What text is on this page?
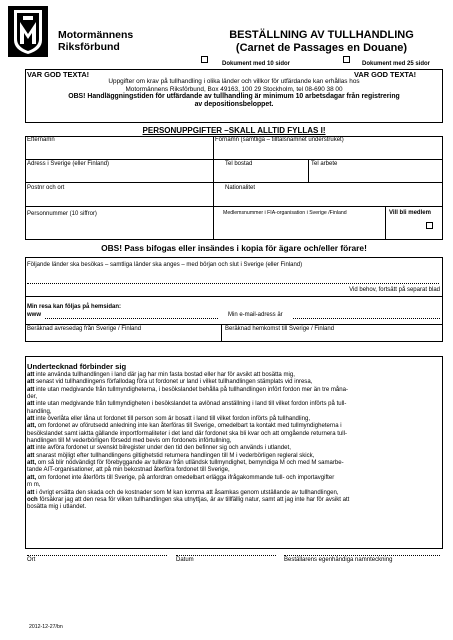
Motormännens
Riksförbund
BESTÄLLNING AV TULLHANDLING
(Carnet de Passages en Douane)
Dokument med 10 sidor	Dokument med 25 sidor
VAR GOD TEXTA!	VAR GOD TEXTA!
Uppgifter om krav på tullhandling i olika länder och villkor för utfärdande kan erhållas hos
Motormännens Riksförbund, Box 49163, 100 29 Stockholm, tel 08-690 38 00
OBS! Handläggningstiden för utfärdande av tullhandling är minimum 10 arbetsdagar från registrering
av depositionsbeloppet.
PERSONUPPGIFTER –SKALL ALLTID FYLLAS I!
Efternamn	Förnamn (samtliga – tilltalsnamnet understruket)
Adress i Sverige (eller Finland)	Tel bostad	Tel arbete
Postnr och ort	Nationalitet
Personnummer (10 siffror)	Medlemsnummer i FIA-organisation i Sverige /Finland	Vill bli medlem
OBS! Pass bifogas eller insändes i kopia för ägare och/eller förare!
Följande länder ska besökas – samtliga länder ska anges – med början och slut i Sverige (eller Finland)
Vid behov, fortsätt på separat blad
Min resa kan följas på hemsidan:
www	Min e-mail-adress är
Beräknad avresedag från Sverige / Finland	Beräknad hemkomst till Sverige / Finland
Undertecknad förbinder sig

att inte använda tullhandlingen i land där jag har min fasta bostad eller har för avsikt att bosätta mig,

att senast vid tullhandlingens förfallodag föra ut fordonet ur land i vilket tullhandlingen stämplats vid inresa,

att inte utan medgivande från tullmyndigheterna, i besökslandet behålla på tullhandlingen infört fordon mer än tre måna-

der,

att inte utan medgivande från tullmyndigheten i besökslandet ta avlönad anställning i land till vilket fordon införts på tull-

handling,

att inte överlåta eller låna ut fordonet till person som är bosatt i land till vilket fordon införts på tullhandling,

att, om fordonet av oförutsedd anledning inte kan återföras till Sverige, omedelbart ta kontakt med tullmyndigheterna i

besökslandet samt iaktta gällande importformaliteter i det land där fordonet ska bli kvar och att omgående returnera tull-

handlingen till M vederbörligen försedd med bevis om fordonets införtullning,

att inte avföra fordonet ur svenskt bilregister under den tid den befinner sig och används i utlandet,

att snarast möjligt efter tullhandlingens giltighetstid returnera handlingen till M i vederbörligen regleral skick,

att, om så blir nödvändigt för förebyggande av tullkrav från utländsk tullmyndighet, bemyndiga M och med M samarbe-

tande AIT-organisationer, att på min bekostnad återföra fordonet till Sverige,

att, om fordonet inte återförts till Sverige, på anfordran omedelbart erlägga ifrågakommande tull- och importavgifter

m m,

att i övrigt ersätta den skada och de kostnader som M kan komma att åsamkas genom utställande av tullhandlingen,

och försäkrar jag att den resa för vilken tullhandlingen ska utnyttjas, är av tillfällig natur, samt att jag inte har för avsikt att

bosätta mig i utlandet.

Ort	Datum	Beställarens egenhändiga namnteckning
2012-12-27/bn
